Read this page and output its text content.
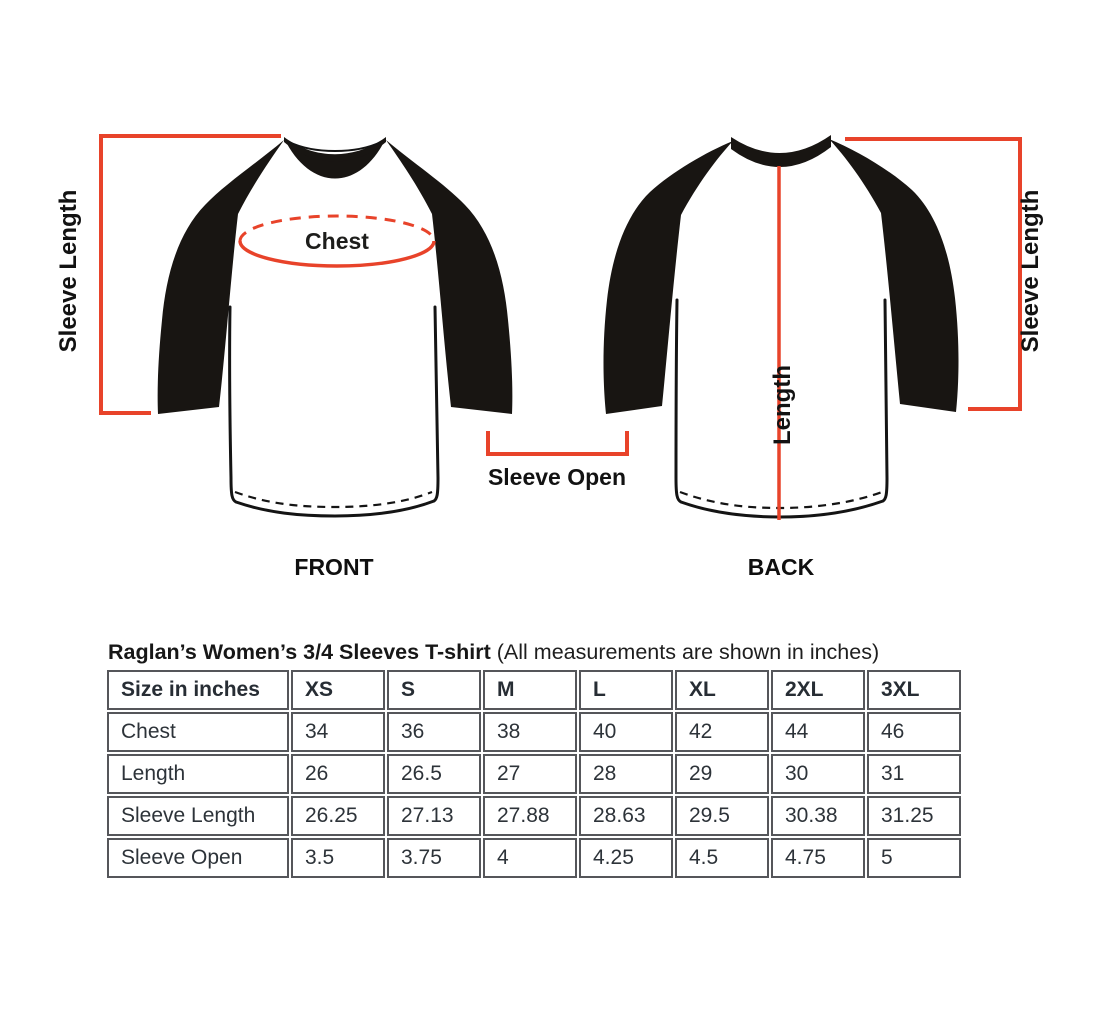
Chest
Sleeve Length
Sleeve Open
FRONT
Length
Sleeve Length
BACK
Raglan’s Women’s 3/4 Sleeves T-shirt (All measurements are shown in inches)
Size in inches	XS	S	M	L	XL	2XL	3XL
Chest	34	36	38	40	42	44	46
Length	26	26.5	27	28	29	30	31
Sleeve Length	26.25	27.13	27.88	28.63	29.5	30.38	31.25
Sleeve Open	3.5	3.75	4	4.25	4.5	4.75	5
